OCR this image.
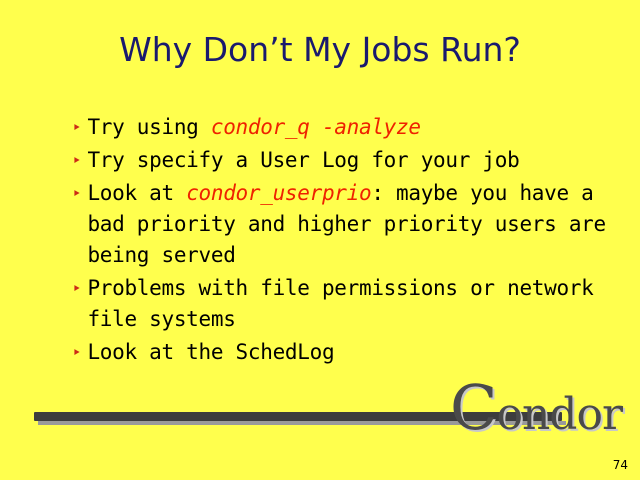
Why Don’t My Jobs Run?
‣ Try using condor_q -analyze
‣ Try specify a User Log for your job
‣ Look at condor_userprio: maybe you have a bad priority and higher priority users are being served
‣ Problems with file permissions or network file systems
‣ Look at the SchedLog
Condor
74
